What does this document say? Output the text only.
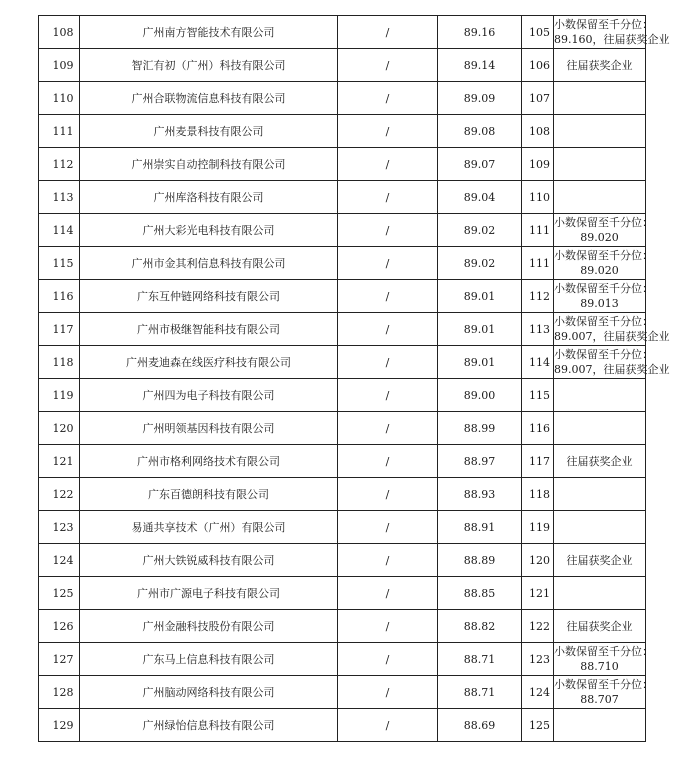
108	广州南方智能技术有限公司	/	89.16	105	小数保留至千分位：
89.160，往届获奖企业

109	智汇有初（广州）科技有限公司	/	89.14	106	往届获奖企业

110	广州合联物流信息科技有限公司	/	89.09	107	

111	广州麦景科技有限公司	/	89.08	108	

112	广州崇实自动控制科技有限公司	/	89.07	109	

113	广州库洛科技有限公司	/	89.04	110	

114	广州大彩光电科技有限公司	/	89.02	111	小数保留至千分位：
89.020

115	广州市金其利信息科技有限公司	/	89.02	111	小数保留至千分位：
89.020

116	广东互仲链网络科技有限公司	/	89.01	112	小数保留至千分位：
89.013

117	广州市极继智能科技有限公司	/	89.01	113	小数保留至千分位：
89.007，往届获奖企业

118	广州麦迪森在线医疗科技有限公司	/	89.01	114	小数保留至千分位：
89.007，往届获奖企业

119	广州四为电子科技有限公司	/	89.00	115	

120	广州明领基因科技有限公司	/	88.99	116	

121	广州市格利网络技术有限公司	/	88.97	117	往届获奖企业

122	广东百德朗科技有限公司	/	88.93	118	

123	易通共享技术（广州）有限公司	/	88.91	119	

124	广州大铁锐威科技有限公司	/	88.89	120	往届获奖企业

125	广州市广源电子科技有限公司	/	88.85	121	

126	广州金融科技股份有限公司	/	88.82	122	往届获奖企业

127	广东马上信息科技有限公司	/	88.71	123	小数保留至千分位：
88.710

128	广州脑动网络科技有限公司	/	88.71	124	小数保留至千分位：
88.707

129	广州绿怡信息科技有限公司	/	88.69	125	
